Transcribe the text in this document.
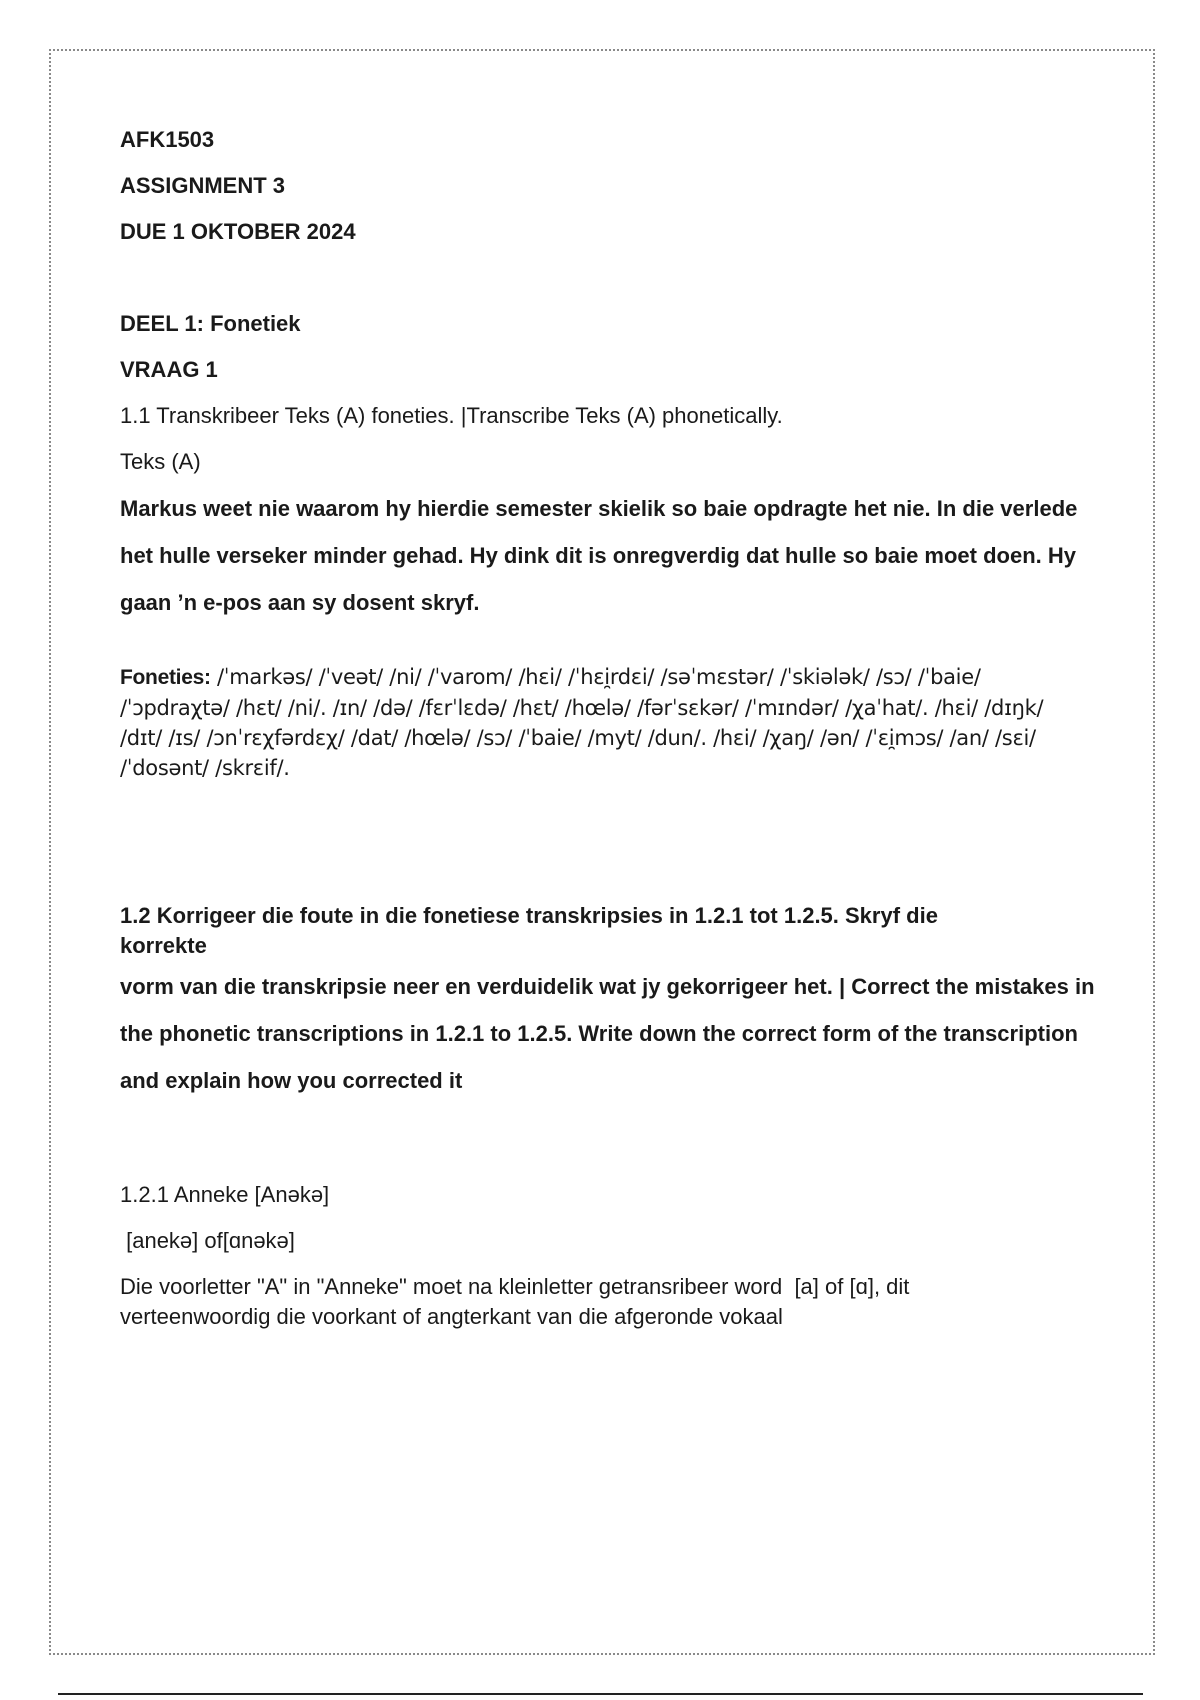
AFK1503

ASSIGNMENT 3

DUE 1 OKTOBER 2024

DEEL 1: Fonetiek

VRAAG 1

1.1 Transkribeer Teks (A) foneties. |Transcribe Teks (A) phonetically.

Teks (A)

Markus weet nie waarom hy hierdie semester skielik so baie opdragte het nie. In die verlede het hulle verseker minder gehad. Hy dink dit is onregverdig dat hulle so baie moet doen. Hy gaan ’n e-pos aan sy dosent skryf.

Foneties: /ˈmarkəs/ /ˈveət/ /ni/ /ˈvarom/ /hɛi/ /ˈhɛi̯rdɛi/ /səˈmɛstər/ /ˈskiələk/ /sɔ/ /ˈbaie/

/ˈɔpdraχtə/ /hɛt/ /ni/. /ɪn/ /də/ /fɛrˈlɛdə/ /hɛt/ /hœlə/ /fərˈsɛkər/ /ˈmɪndər/ /χaˈhat/. /hɛi/ /dɪŋk/

/dɪt/ /ɪs/ /ɔnˈrɛχfərdɛχ/ /dat/ /hœlə/ /sɔ/ /ˈbaie/ /myt/ /dun/. /hɛi/ /χaŋ/ /ən/ /ˈɛi̯mɔs/ /an/ /sɛi/

/ˈdosənt/ /skrɛif/.

1.2 Korrigeer die foute in die fonetiese transkripsies in 1.2.1 tot 1.2.5. Skryf die

korrekte

vorm van die transkripsie neer en verduidelik wat jy gekorrigeer het. | Correct the mistakes in the phonetic transcriptions in 1.2.1 to 1.2.5. Write down the correct form of the transcription and explain how you corrected it

1.2.1 Anneke [Anəkə]

[anekə] of[ɑnəkə]

Die voorletter "A" in "Anneke" moet na kleinletter getransribeer word  [a] of [ɑ], dit

verteenwoordig die voorkant of angterkant van die afgeronde vokaal
